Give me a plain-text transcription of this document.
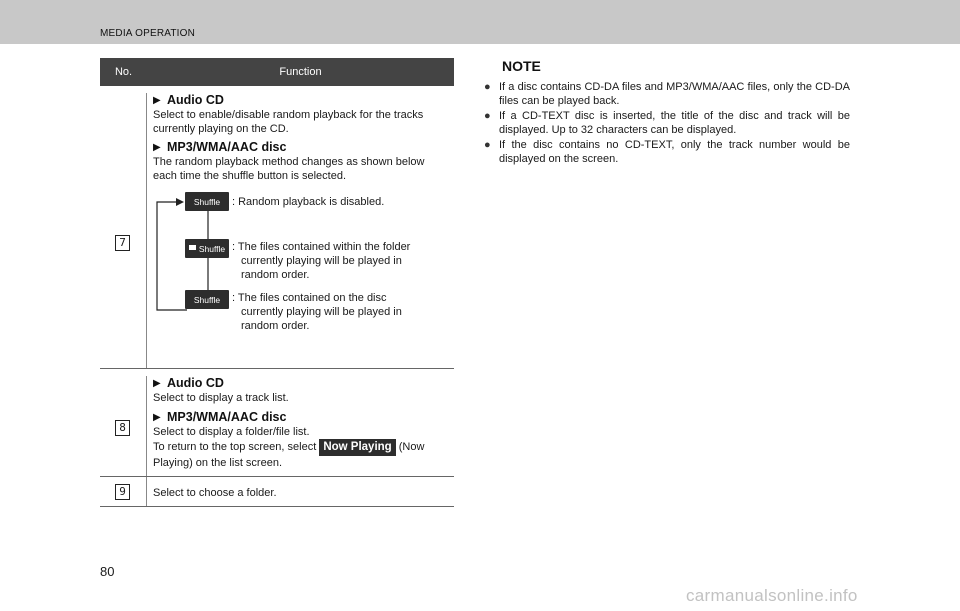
MEDIA OPERATION
No.	Function
7
▶ Audio CD
Select to enable/disable random playback for the tracks currently playing on the CD.
▶ MP3/WMA/AAC disc
The random playback method changes as shown below each time the shuffle button is selected.
Shuffle : Random playback is disabled.
Shuffle : The files contained within the folder
currently playing will be played in
random order.
Shuffle : The files contained on the disc
currently playing will be played in
random order.
8
▶ Audio CD
Select to display a track list.
▶ MP3/WMA/AAC disc
Select to display a folder/file list.
To return to the top screen, select Now Playing (Now Playing) on the list screen.
9	Select to choose a folder.
NOTE
● If a disc contains CD-DA files and MP3/WMA/AAC files, only the CD-DA files can be played back.
● If a CD-TEXT disc is inserted, the title of the disc and track will be displayed. Up to 32 characters can be displayed.
● If the disc contains no CD-TEXT, only the track number would be displayed on the screen.
80
carmanualsonline.info
